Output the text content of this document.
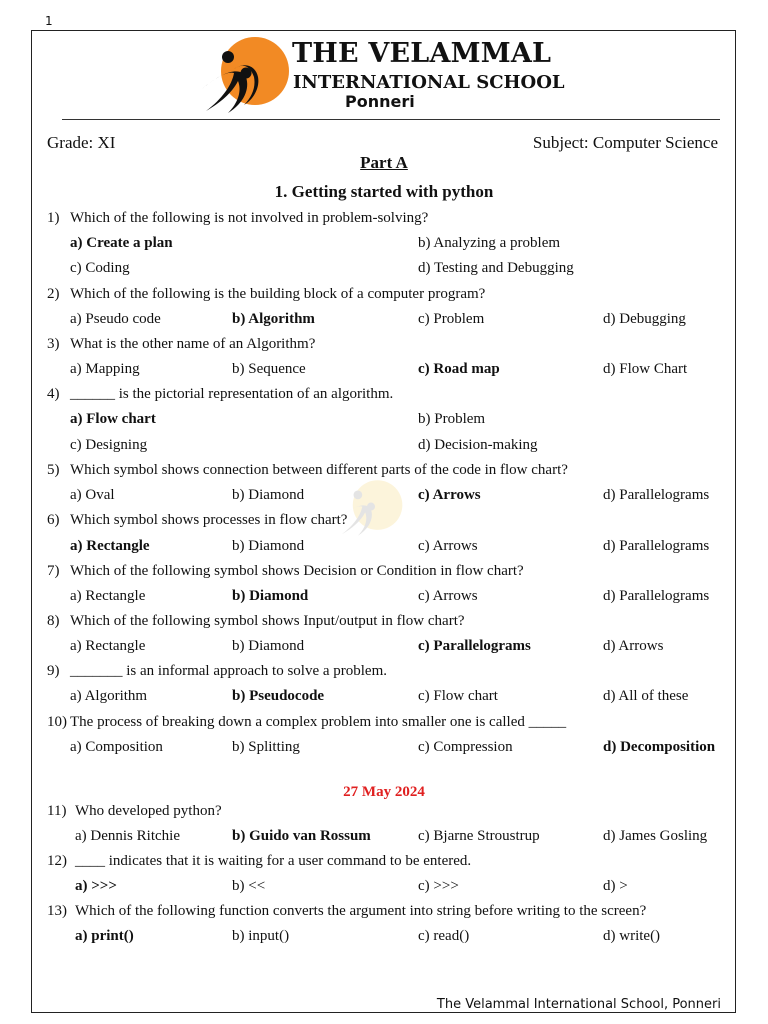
1
THE VELAMMAL
INTERNATIONAL SCHOOL
Ponneri
Grade: XI	Subject: Computer Science
Part A
1. Getting started with python
1) Which of the following is not involved in problem-solving?
a) Create a plan	b) Analyzing a problem
c) Coding	d) Testing and Debugging
2) Which of the following is the building block of a computer program?
a) Pseudo code	b) Algorithm	c) Problem	d) Debugging
3) What is the other name of an Algorithm?
a) Mapping	b) Sequence	c) Road map	d) Flow Chart
4) ______ is the pictorial representation of an algorithm.
a) Flow chart	b) Problem
c) Designing	d) Decision-making
5) Which symbol shows connection between different parts of the code in flow chart?
a) Oval	b) Diamond	c) Arrows	d) Parallelograms
6) Which symbol shows processes in flow chart?
a) Rectangle	b) Diamond	c) Arrows	d) Parallelograms
7) Which of the following symbol shows Decision or Condition in flow chart?
a) Rectangle	b) Diamond	c) Arrows	d) Parallelograms
8) Which of the following symbol shows Input/output in flow chart?
a) Rectangle	b) Diamond	c) Parallelograms	d) Arrows
9) _______ is an informal approach to solve a problem.
a) Algorithm	b) Pseudocode	c) Flow chart	d) All of these
10) The process of breaking down a complex problem into smaller one is called _____
a) Composition	b) Splitting	c) Compression	d) Decomposition
11) Who developed python?
a) Dennis Ritchie	b) Guido van Rossum	c) Bjarne Stroustrup	d) James Gosling
12) ____ indicates that it is waiting for a user command to be entered.
a) >>>	b) <<	c) >>>	d) >
13) Which of the following function converts the argument into string before writing to the screen?
a) print()	b) input()	c) read()	d) write()
27 May 2024
The Velammal International School, Ponneri
